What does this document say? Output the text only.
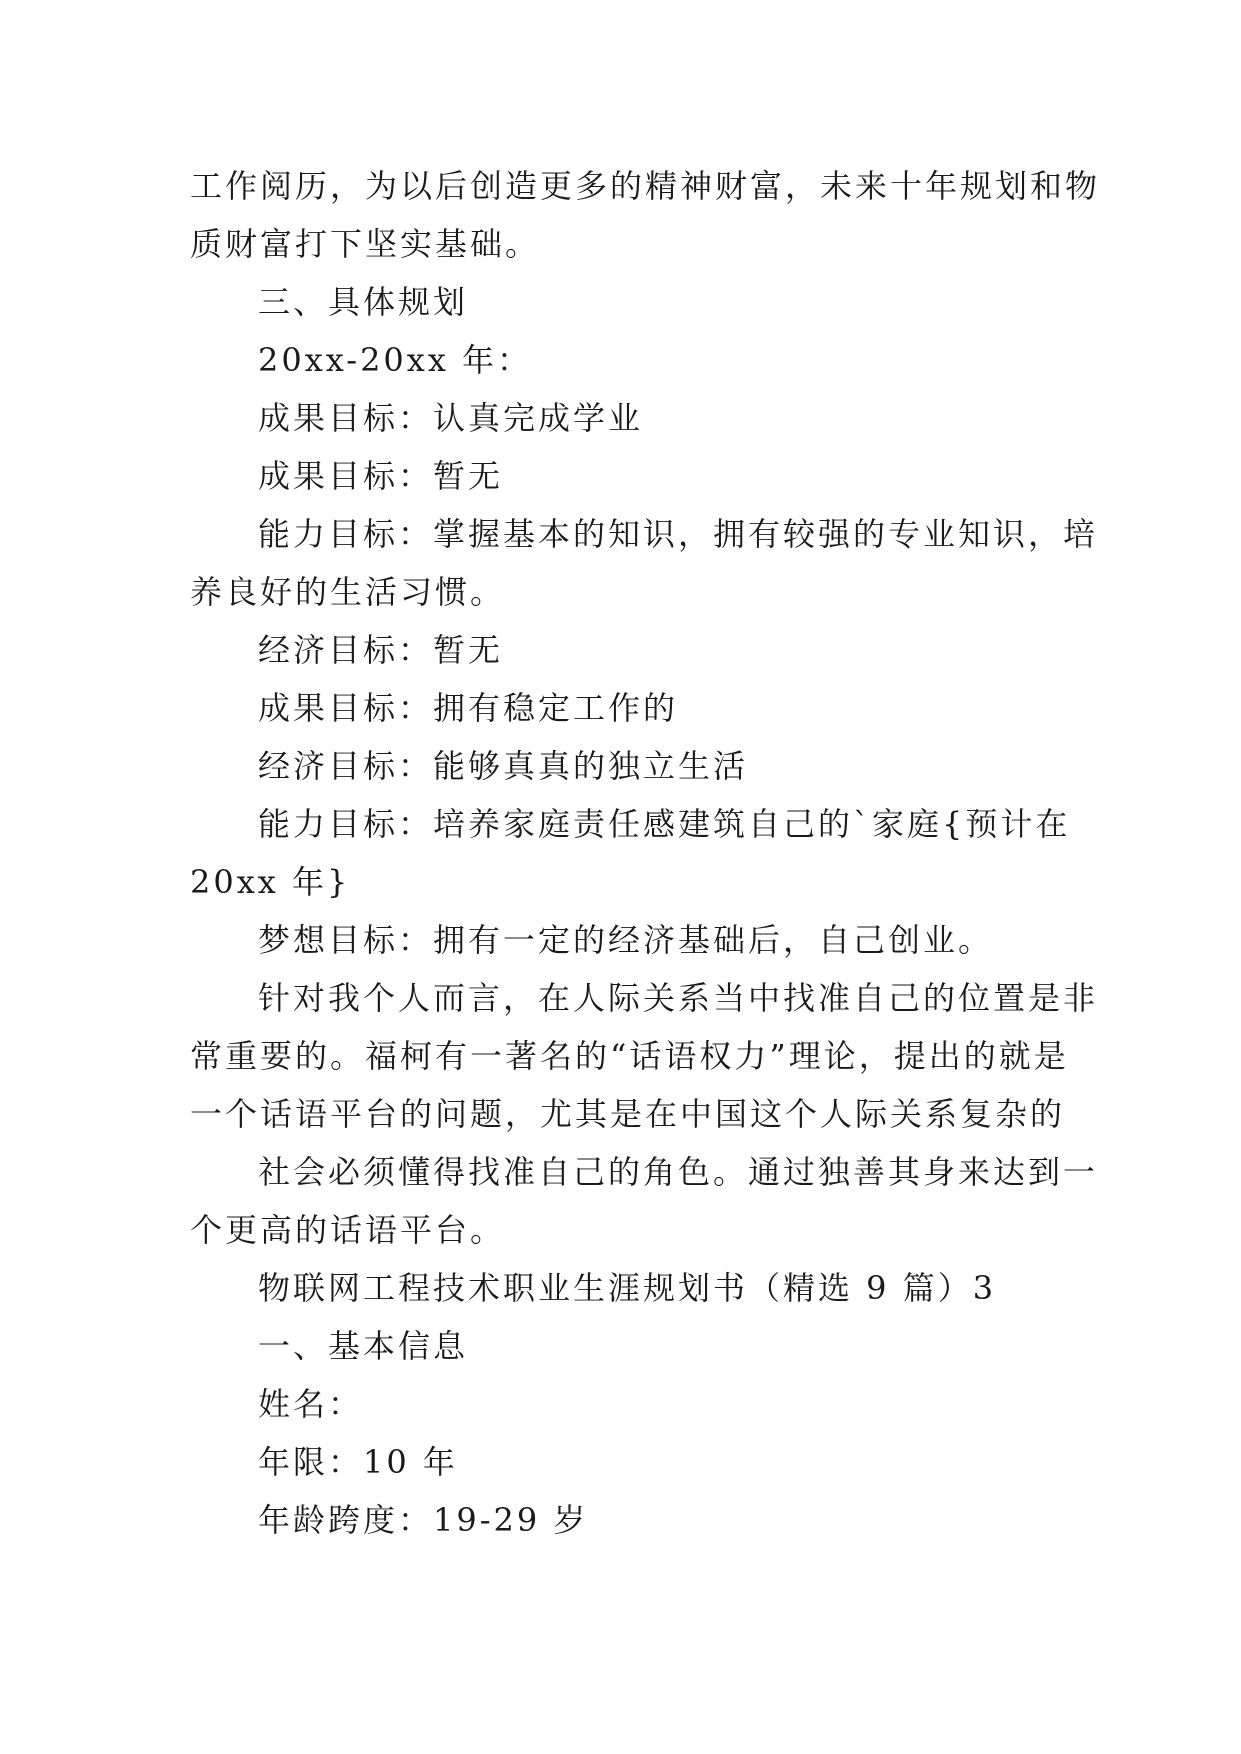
工作阅历，为以后创造更多的精神财富，未来十年规划和物
质财富打下坚实基础。
三、具体规划
20xx-20xx 年：
成果目标：认真完成学业
成果目标：暂无
能力目标：掌握基本的知识，拥有较强的专业知识，培
养良好的生活习惯。
经济目标：暂无
成果目标：拥有稳定工作的
经济目标：能够真真的独立生活
能力目标：培养家庭责任感建筑自己的`家庭{预计在
20xx 年}
梦想目标：拥有一定的经济基础后，自己创业。
针对我个人而言，在人际关系当中找准自己的位置是非
常重要的。福柯有一著名的“话语权力”理论，提出的就是
一个话语平台的问题，尤其是在中国这个人际关系复杂的
社会必须懂得找准自己的角色。通过独善其身来达到一
个更高的话语平台。
物联网工程技术职业生涯规划书（精选 9 篇）3
一、基本信息
姓名：
年限：10 年
年龄跨度：19-29 岁
